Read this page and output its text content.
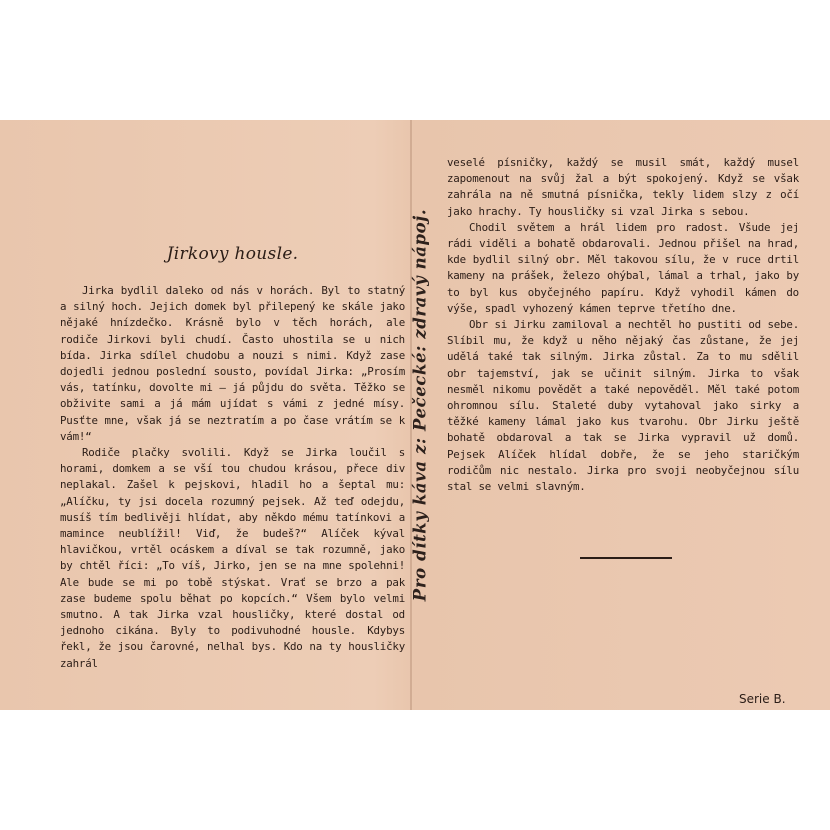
Jirkovy housle.

Jirka bydlil daleko od nás v horách. Byl to statný a silný hoch. Jejich domek byl přilepený ke skále jako nějaké hnízdečko. Krásně bylo v těch horách, ale rodiče Jirkovi byli chudí. Často uhostila se u nich bída. Jirka sdílel chudobu a nouzi s nimi. Když zase dojedli jednou poslední sousto, povídal Jirka: „Prosím vás, tatínku, dovolte mi — já půjdu do světa. Těžko se obživite sami a já mám ujídat s vámi z jedné mísy. Pusťte mne, však já se neztratím a po čase vrátím se k vám!“

Rodiče plačky svolili. Když se Jirka loučil s horami, domkem a se vší tou chudou krásou, přece div neplakal. Zašel k pejskovi, hladil ho a šeptal mu: „Alíčku, ty jsi docela rozumný pejsek. Až teď odejdu, musíš tím bedlivěji hlídat, aby někdo mému tatínkovi a mamince neublížil! Viď, že budeš?“ Alíček kýval hlavičkou, vrtěl ocáskem a díval se tak rozumně, jako by chtěl říci: „To víš, Jirko, jen se na mne spolehni! Ale bude se mi po tobě stýskat. Vrať se brzo a pak zase budeme spolu běhat po kopcích.“ Všem bylo velmi smutno. A tak Jirka vzal housličky, které dostal od jednoho cikána. Byly to podivuhodné housle. Kdybys řekl, že jsou čarovné, nelhal bys. Kdo na ty housličky zahrál

Pro dítky káva z: Pečecké: zdravý nápoj.

veselé písničky, každý se musil smát, každý musel zapomenout na svůj žal a být spokojený. Když se však zahrála na ně smutná písnička, tekly lidem slzy z očí jako hrachy. Ty housličky si vzal Jirka s sebou.

Chodil světem a hrál lidem pro radost. Všude jej rádi viděli a bohatě obdarovali. Jednou přišel na hrad, kde bydlil silný obr. Měl takovou sílu, že v ruce drtil kameny na prášek, železo ohýbal, lámal a trhal, jako by to byl kus obyčejného papíru. Když vyhodil kámen do výše, spadl vyhozený kámen teprve třetího dne.

Obr si Jirku zamiloval a nechtěl ho pustiti od sebe. Slíbil mu, že když u něho nějaký čas zůstane, že jej udělá také tak silným. Jirka zůstal. Za to mu sdělil obr tajemství, jak se učinit silným. Jirka to však nesměl nikomu povědět a také nepověděl. Měl také potom ohromnou sílu. Staleté duby vytahoval jako sirky a těžké kameny lámal jako kus tvarohu. Obr Jirku ještě bohatě obdaroval a tak se Jirka vypravil už domů. Pejsek Alíček hlídal dobře, že se jeho staričkým rodičům nic nestalo. Jirka pro svoji neobyčejnou sílu stal se velmi slavným.

Serie B.
